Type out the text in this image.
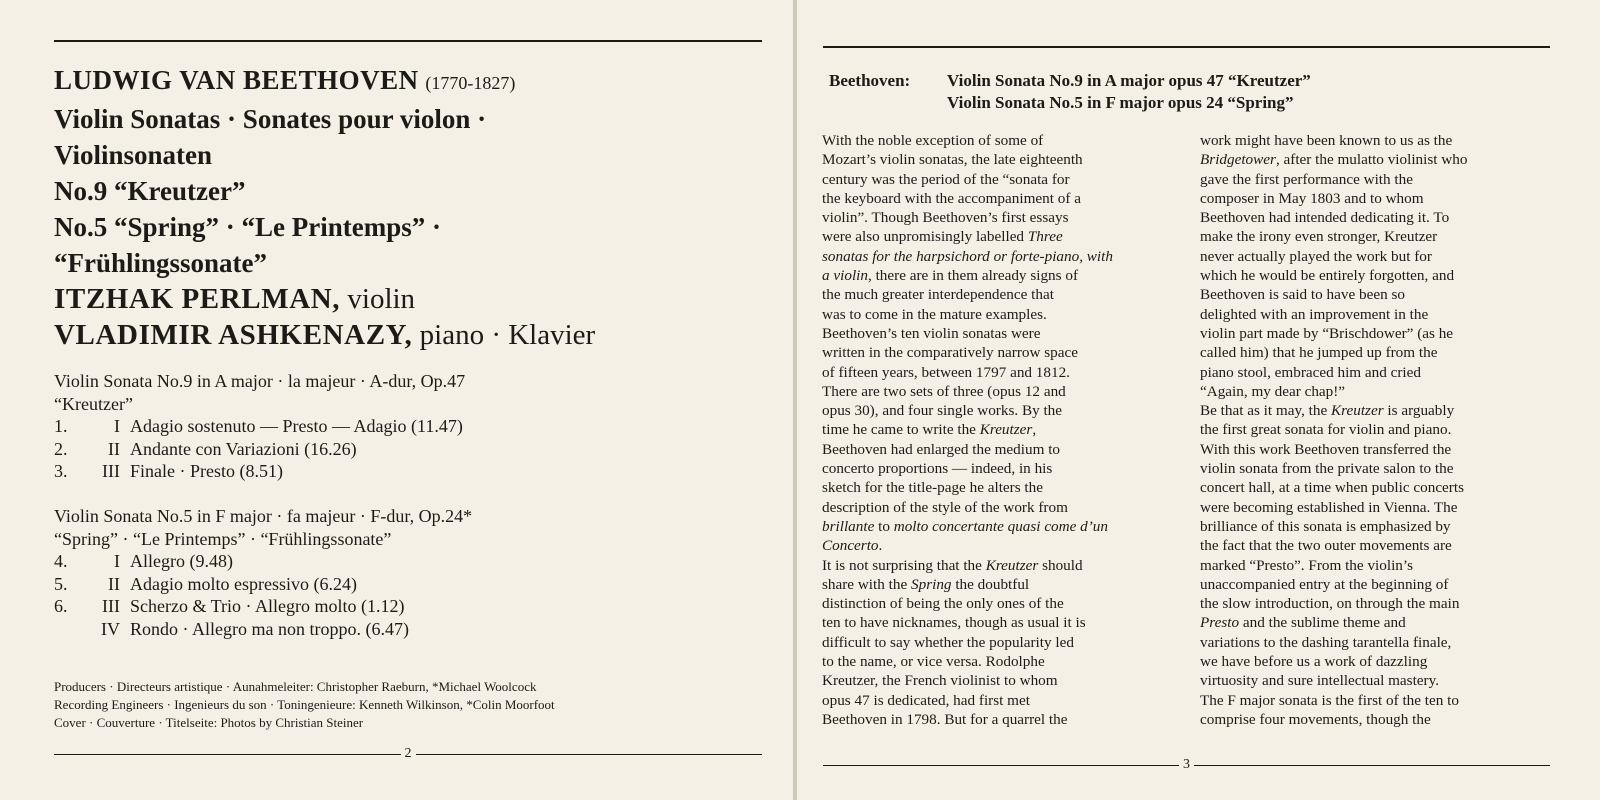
LUDWIG VAN BEETHOVEN (1770-1827)
Violin Sonatas · Sonates pour violon ·
Violinsonaten
No.9 “Kreutzer”
No.5 “Spring” · “Le Printemps” ·
“Frühlingssonate”
ITZHAK PERLMAN, violin
VLADIMIR ASHKENAZY, piano · Klavier
Violin Sonata No.9 in A major · la majeur · A-dur, Op.47
“Kreutzer”
1.	I Adagio sostenuto — Presto — Adagio (11.47)
2.	II Andante con Variazioni (16.26)
3.	III Finale · Presto (8.51)
Violin Sonata No.5 in F major · fa majeur · F-dur, Op.24*
“Spring” · “Le Printemps” · “Frühlingssonate”
4.	I Allegro (9.48)
5.	II Adagio molto espressivo (6.24)
6.	III Scherzo & Trio · Allegro molto (1.12)
IV Rondo · Allegro ma non troppo. (6.47)
Producers · Directeurs artistique · Aunahmeleiter: Christopher Raeburn, *Michael Woolcock
Recording Engineers · Ingenieurs du son · Toningenieure: Kenneth Wilkinson, *Colin Moorfoot
Cover · Couverture · Titelseite: Photos by Christian Steiner
2
Beethoven:	Violin Sonata No.9 in A major opus 47 “Kreutzer”
Violin Sonata No.5 in F major opus 24 “Spring”
With the noble exception of some of
Mozart’s violin sonatas, the late eighteenth
century was the period of the “sonata for
the keyboard with the accompaniment of a
violin”. Though Beethoven’s first essays
were also unpromisingly labelled Three
sonatas for the harpsichord or forte-piano, with
a violin, there are in them already signs of
the much greater interdependence that
was to come in the mature examples.
Beethoven’s ten violin sonatas were
written in the comparatively narrow space
of fifteen years, between 1797 and 1812.
There are two sets of three (opus 12 and
opus 30), and four single works. By the
time he came to write the Kreutzer,
Beethoven had enlarged the medium to
concerto proportions — indeed, in his
sketch for the title-page he alters the
description of the style of the work from
brillante to molto concertante quasi come d’un
Concerto.
It is not surprising that the Kreutzer should
share with the Spring the doubtful
distinction of being the only ones of the
ten to have nicknames, though as usual it is
difficult to say whether the popularity led
to the name, or vice versa. Rodolphe
Kreutzer, the French violinist to whom
opus 47 is dedicated, had first met
Beethoven in 1798. But for a quarrel the
work might have been known to us as the
Bridgetower, after the mulatto violinist who
gave the first performance with the
composer in May 1803 and to whom
Beethoven had intended dedicating it. To
make the irony even stronger, Kreutzer
never actually played the work but for
which he would be entirely forgotten, and
Beethoven is said to have been so
delighted with an improvement in the
violin part made by “Brischdower” (as he
called him) that he jumped up from the
piano stool, embraced him and cried
“Again, my dear chap!”
Be that as it may, the Kreutzer is arguably
the first great sonata for violin and piano.
With this work Beethoven transferred the
violin sonata from the private salon to the
concert hall, at a time when public concerts
were becoming established in Vienna. The
brilliance of this sonata is emphasized by
the fact that the two outer movements are
marked “Presto”. From the violin’s
unaccompanied entry at the beginning of
the slow introduction, on through the main
Presto and the sublime theme and
variations to the dashing tarantella finale,
we have before us a work of dazzling
virtuosity and sure intellectual mastery.
The F major sonata is the first of the ten to
comprise four movements, though the
3
